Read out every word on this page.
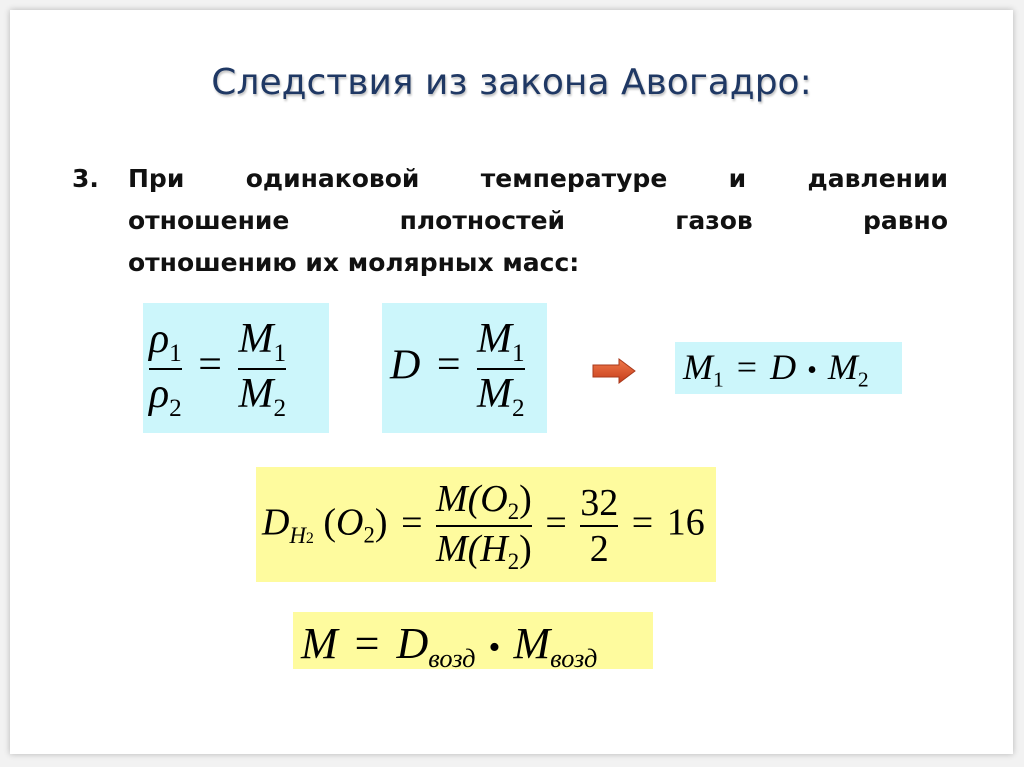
Следствия из закона Авогадро:
3.	При одинаковой температуре и давлении
отношение плотностей газов равно
отношению их молярных масс:
$\frac{\rho_1}{\rho_2} = \frac{M_1}{M_2}$ $D = \frac{M_1}{M_2}$	$M_1 = D$ • $M_2$
$D_{H2}$ $(O_2) = \frac{M(O_2)}{M(H_2)} = \frac{32}{2} = 16$
$M = D_{возд}$ • $M_{возд}$
